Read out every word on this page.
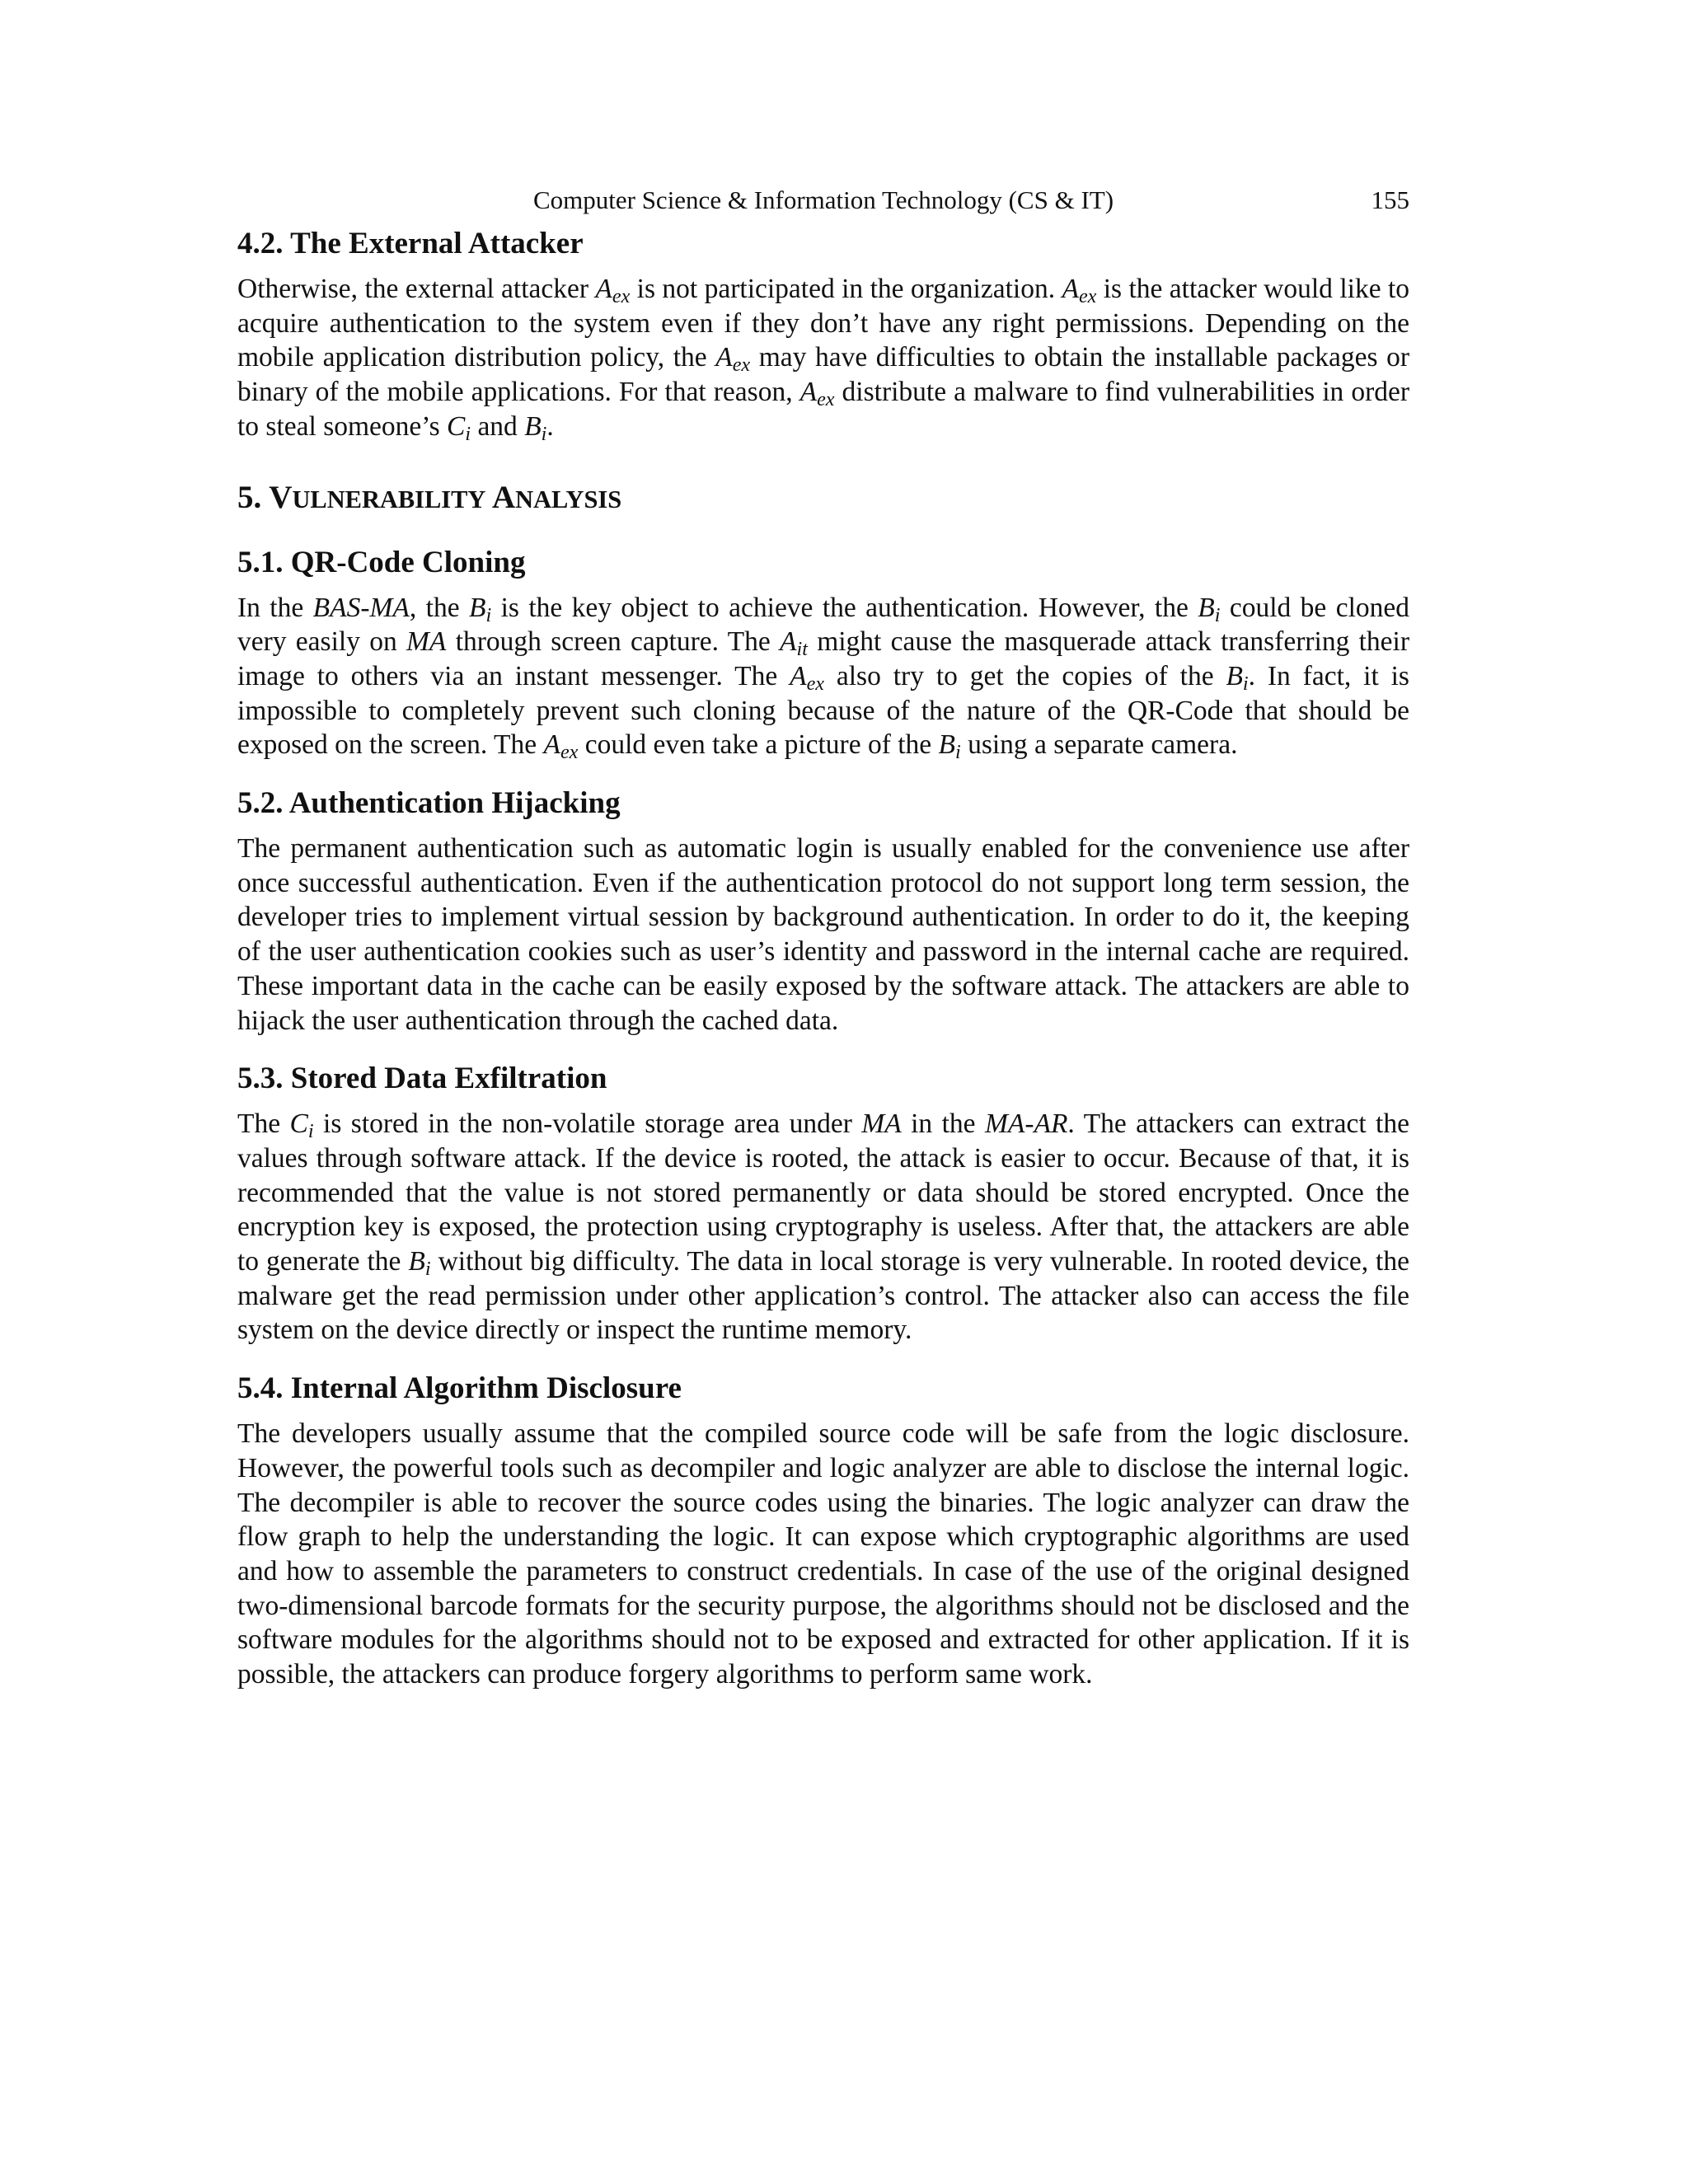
Computer Science & Information Technology (CS & IT)	155
4.2. The External Attacker

Otherwise, the external attacker $A_{ex}$ is not participated in the organization. $A_{ex}$ is the attacker would like to acquire authentication to the system even if they don’t have any right permissions. Depending on the mobile application distribution policy, the $A_{ex}$ may have difficulties to obtain the installable packages or binary of the mobile applications. For that reason, $A_{ex}$ distribute a malware to find vulnerabilities in order to steal someone’s $C_i$ and $B_i$.

5. VULNERABILITY ANALYSIS
5.1. QR-Code Cloning

In the BAS-MA, the $B_i$ is the key object to achieve the authentication. However, the $B_i$ could be cloned very easily on MA through screen capture. The $A_{it}$ might cause the masquerade attack transferring their image to others via an instant messenger. The $A_{ex}$ also try to get the copies of the $B_i$. In fact, it is impossible to completely prevent such cloning because of the nature of the QR-Code that should be exposed on the screen. The $A_{ex}$ could even take a picture of the $B_i$ using a separate camera.

5.2. Authentication Hijacking

The permanent authentication such as automatic login is usually enabled for the convenience use after once successful authentication. Even if the authentication protocol do not support long term session, the developer tries to implement virtual session by background authentication. In order to do it, the keeping of the user authentication cookies such as user’s identity and password in the internal cache are required. These important data in the cache can be easily exposed by the software attack. The attackers are able to hijack the user authentication through the cached data.

5.3. Stored Data Exfiltration

The $C_i$ is stored in the non-volatile storage area under MA in the MA-AR. The attackers can extract the values through software attack. If the device is rooted, the attack is easier to occur. Because of that, it is recommended that the value is not stored permanently or data should be stored encrypted. Once the encryption key is exposed, the protection using cryptography is useless. After that, the attackers are able to generate the $B_i$ without big difficulty. The data in local storage is very vulnerable. In rooted device, the malware get the read permission under other application’s control. The attacker also can access the file system on the device directly or inspect the runtime memory.

5.4. Internal Algorithm Disclosure

The developers usually assume that the compiled source code will be safe from the logic disclosure. However, the powerful tools such as decompiler and logic analyzer are able to disclose the internal logic. The decompiler is able to recover the source codes using the binaries. The logic analyzer can draw the flow graph to help the understanding the logic. It can expose which cryptographic algorithms are used and how to assemble the parameters to construct credentials. In case of the use of the original designed two-dimensional barcode formats for the security purpose, the algorithms should not be disclosed and the software modules for the algorithms should not to be exposed and extracted for other application. If it is possible, the attackers can produce forgery algorithms to perform same work.
